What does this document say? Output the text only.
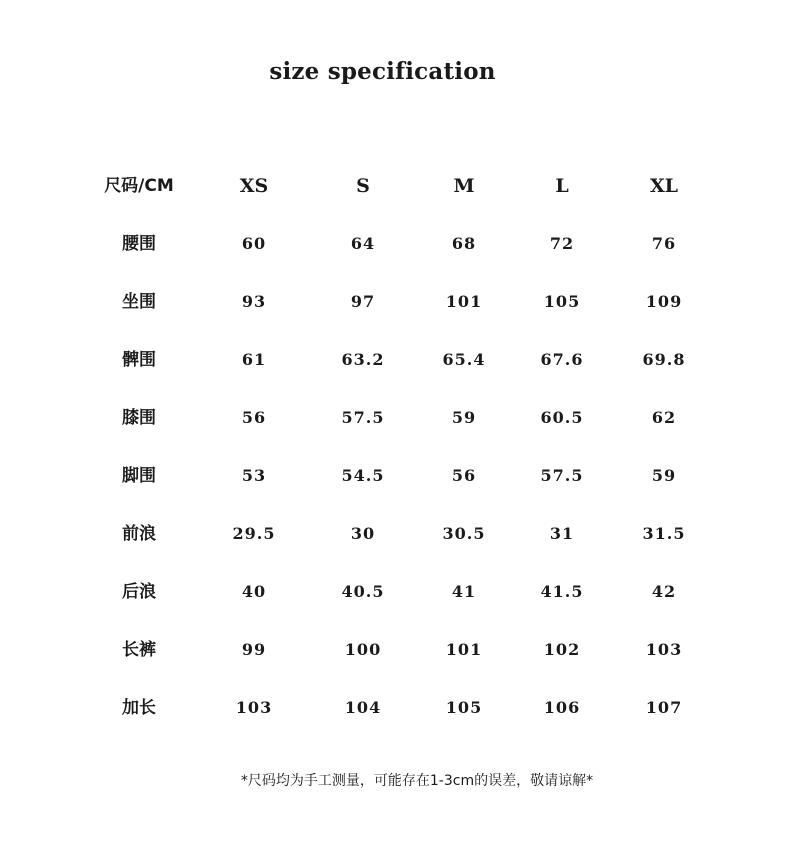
size specification
尺码/CM	XS	S	M	L	XL
腰围	60	64	68	72	76
坐围	93	97	101	105	109
髀围	61	63.2	65.4	67.6	69.8
膝围	56	57.5	59	60.5	62
脚围	53	54.5	56	57.5	59
前浪	29.5	30	30.5	31	31.5
后浪	40	40.5	41	41.5	42
长裤	99	100	101	102	103
加长	103	104	105	106	107
*尺码均为手工测量，可能存在1-3cm的误差，敬请谅解*
